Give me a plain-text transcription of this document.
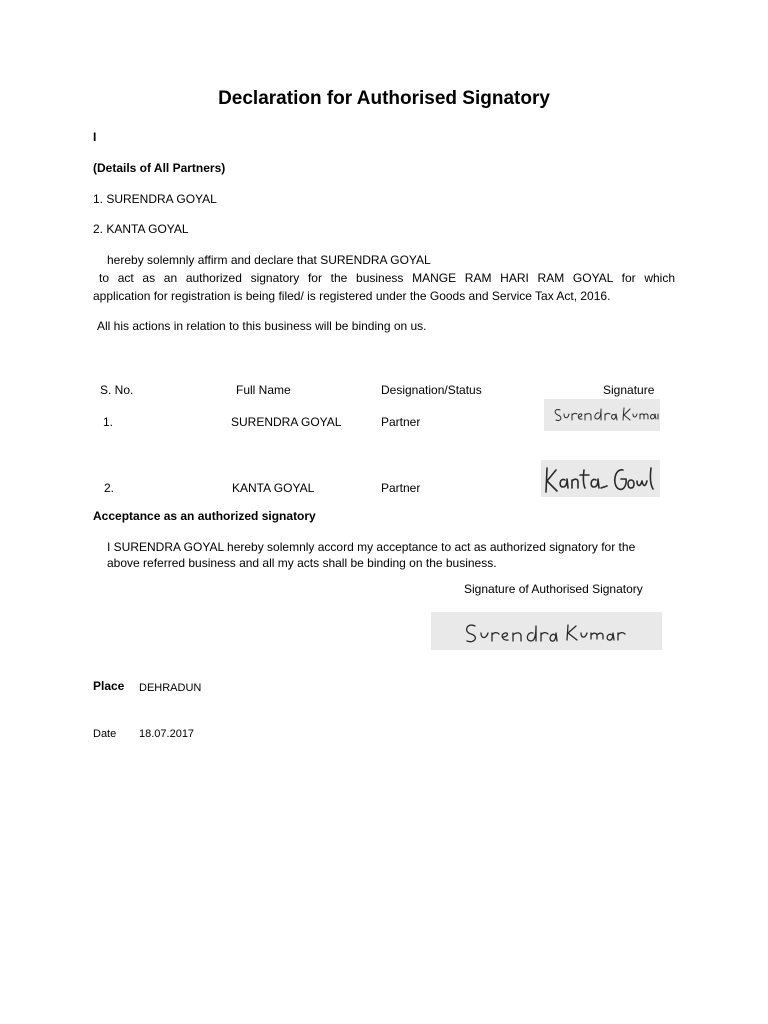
Declaration for Authorised Signatory
I
(Details of All Partners)
1. SURENDRA GOYAL
2. KANTA GOYAL
hereby solemnly affirm and declare that SURENDRA GOYAL
to act as an authorized signatory for the business MANGE RAM HARI RAM GOYAL for which
application for registration is being filed/ is registered under the Goods and Service Tax Act, 2016.
All his actions in relation to this business will be binding on us.
S. No.	Full Name	Designation/Status	Signature
1.	SURENDRA GOYAL	Partner
2.	KANTA GOYAL	Partner
Acceptance as an authorized signatory
I SURENDRA GOYAL hereby solemnly accord my acceptance to act as authorized signatory for the
above referred business and all my acts shall be binding on the business.
Signature of Authorised Signatory
Place DEHRADUN
Date 18.07.2017
